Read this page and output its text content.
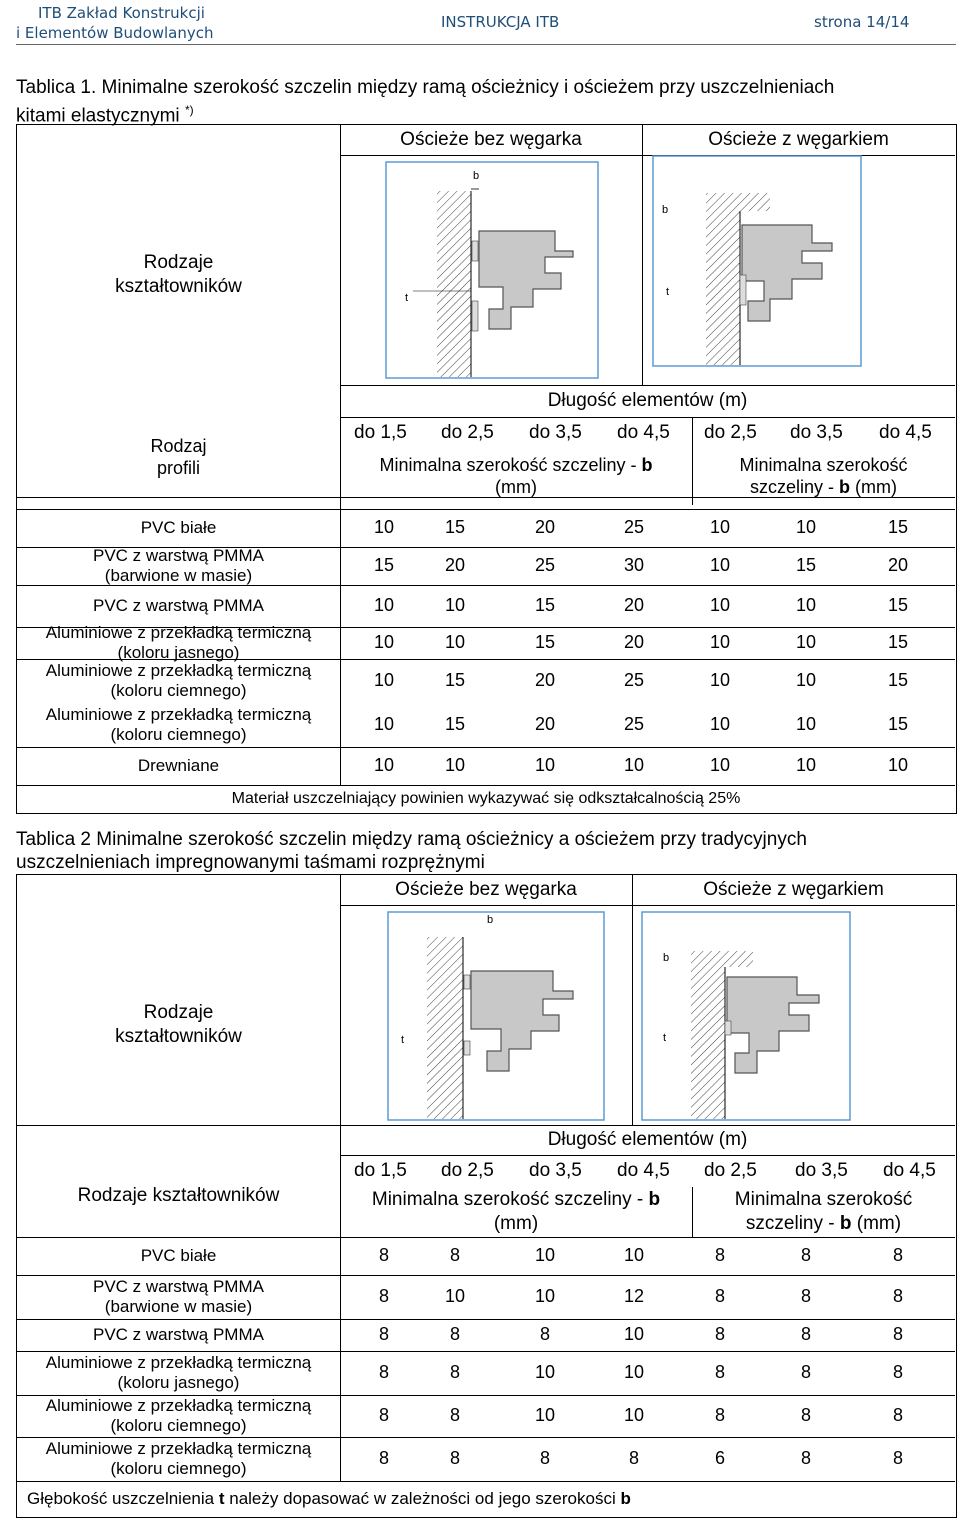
ITB Zakład Konstrukcji
i Elementów Budowlanych
INSTRUKCJA ITB	strona 14/14
Tablica 1. Minimalne szerokość szczelin między ramą ościeżnicy i ościeżem przy uszczelnieniach
kitami elastycznymi *)
Ościeże bez węgarka	Ościeże z węgarkiem
Rodzaje
kształtowników
b
t
b
t
Długość elementów (m)
do 1,5 do 2,5 do 3,5 do 4,5 do 2,5 do 3,5 do 4,5
Rodzaj
profili	Minimalna szerokość szczeliny - b
(mm)
Minimalna szerokość
szczeliny - b (mm)
PVC białe	10	15	20	25	10	10	15
PVC z warstwą PMMA
(barwione w masie)
15	20	25	30	10	15	20
PVC z warstwą PMMA	10	10	15	20	10	10	15
Aluminiowe z przekładką termiczną
(koloru jasnego)
10	10	15	20	10	10	15
Aluminiowe z przekładką termiczną
(koloru ciemnego)
10	15	20	25	10	10	15
Aluminiowe z przekładką termiczną
(koloru ciemnego)
10	15	20	25	10	10	15
Drewniane	10	10	10	10	10	10	10
Materiał uszczelniający powinien wykazywać się odkształcalnością 25%
Tablica 2 Minimalne szerokość szczelin między ramą ościeżnicy a ościeżem przy tradycyjnych
uszczelnieniach impregnowanymi taśmami rozprężnymi
Ościeże bez węgarka	Ościeże z węgarkiem
Rodzaje
kształtowników
b
t
b
t
Długość elementów (m)
do 1,5 do 2,5 do 3,5 do 4,5 do 2,5 do 3,5 do 4,5
Rodzaje kształtowników	Minimalna szerokość szczeliny - b
(mm)
Minimalna szerokość
szczeliny - b (mm)
PVC białe	8	8	10	10	8	8	8
PVC z warstwą PMMA
(barwione w masie)
8	10	10	12	8	8	8
PVC z warstwą PMMA	8	8	8	10	8	8	8
Aluminiowe z przekładką termiczną
(koloru jasnego)
8	8	10	10	8	8	8
Aluminiowe z przekładką termiczną
(koloru ciemnego)
8	8	10	10	8	8	8
Aluminiowe z przekładką termiczną
(koloru ciemnego)
8	8	8	8	6	8	8
Głębokość uszczelnienia t należy dopasować w zależności od jego szerokości b
